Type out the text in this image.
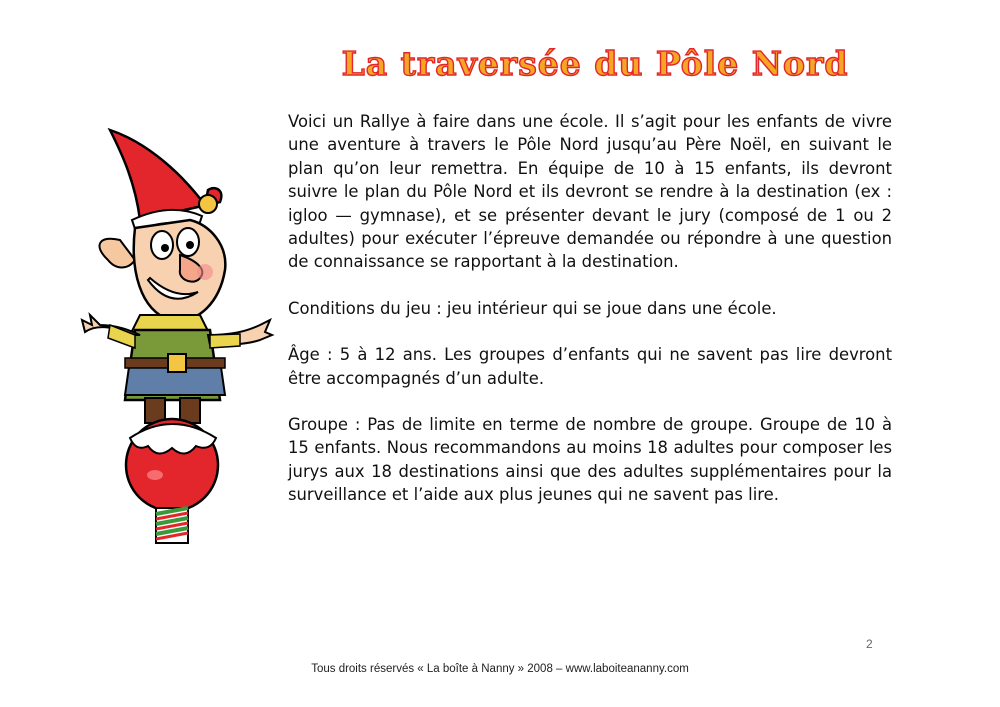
La traversée du Pôle Nord

Voici un Rallye à faire dans une école. Il s’agit pour les enfants de vivre une aventure à travers le Pôle Nord jusqu’au Père Noël, en suivant le plan qu’on leur remettra. En équipe de 10 à 15 enfants, ils devront suivre le plan du Pôle Nord et ils devront se rendre à la destination (ex : igloo — gymnase), et se présenter devant le jury (composé de 1 ou 2 adultes) pour exécuter l’épreuve demandée ou répondre à une question de connaissance se rapportant à la destination.

Conditions du jeu : jeu intérieur qui se joue dans une école.

Âge : 5 à 12 ans. Les groupes d’enfants qui ne savent pas lire devront être accompagnés d’un adulte.

Groupe : Pas de limite en terme de nombre de groupe. Groupe de 10 à 15 enfants. Nous recommandons au moins 18 adultes pour composer les jurys aux 18 destinations ainsi que des adultes supplémentaires pour la surveillance et l’aide aux plus jeunes qui ne savent pas lire.

2
Tous droits réservés « La boîte à Nanny » 2008 – www.laboiteananny.com
